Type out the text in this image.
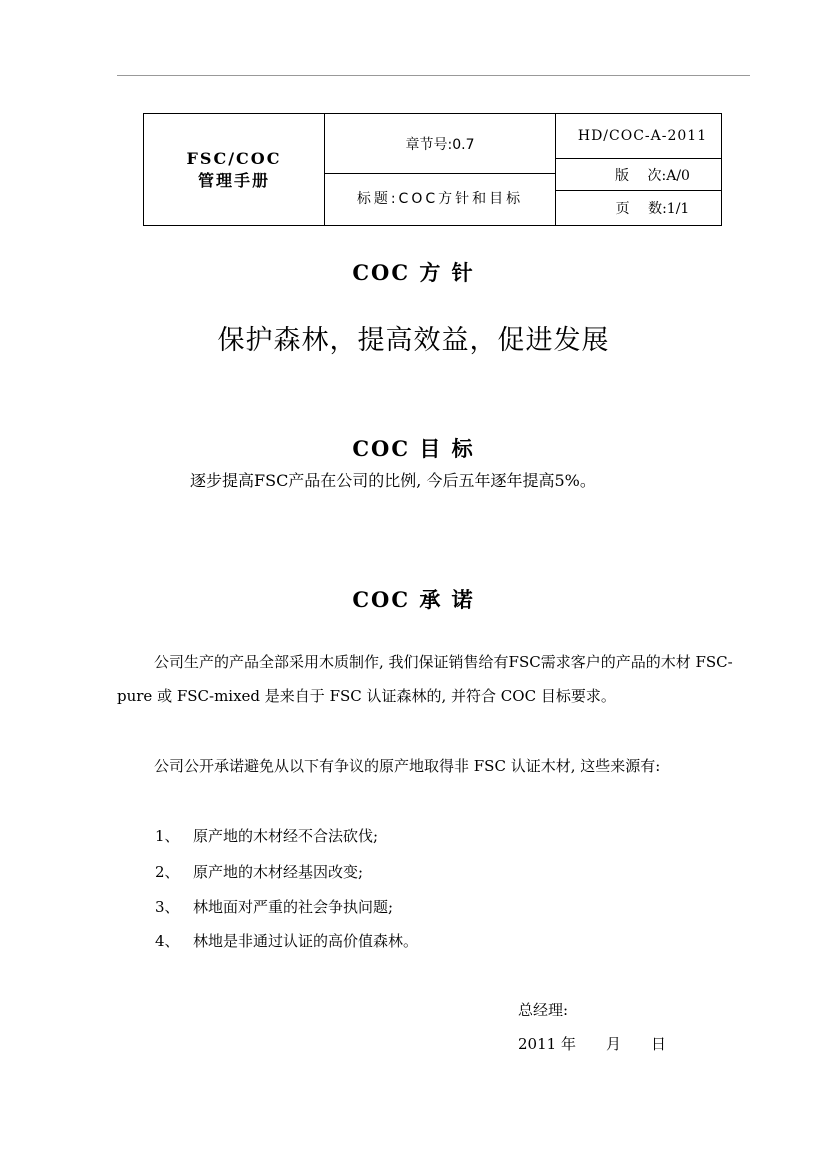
FSC/COC
管理手册
章节号:0.7
标题:COC方针和目标
HD/COC-A-2011
版　 次:A/0
页　 数:1/1
COC 方 针
保护森林，提高效益，促进发展
COC 目 标
逐步提高FSC产品在公司的比例, 今后五年逐年提高5%。
COC 承 诺
公司生产的产品全部采用木质制作, 我们保证销售给有FSC需求客户的产品的木材 FSC-pure 或 FSC-mixed 是来自于 FSC 认证森林的, 并符合 COC 目标要求。
公司公开承诺避免从以下有争议的原产地取得非 FSC 认证木材, 这些来源有:
1、 原产地的木材经不合法砍伐;
2、 原产地的木材经基因改变;
3、 林地面对严重的社会争执问题;
4、 林地是非通过认证的高价值森林。
总经理:
2011 年　　月　　日
